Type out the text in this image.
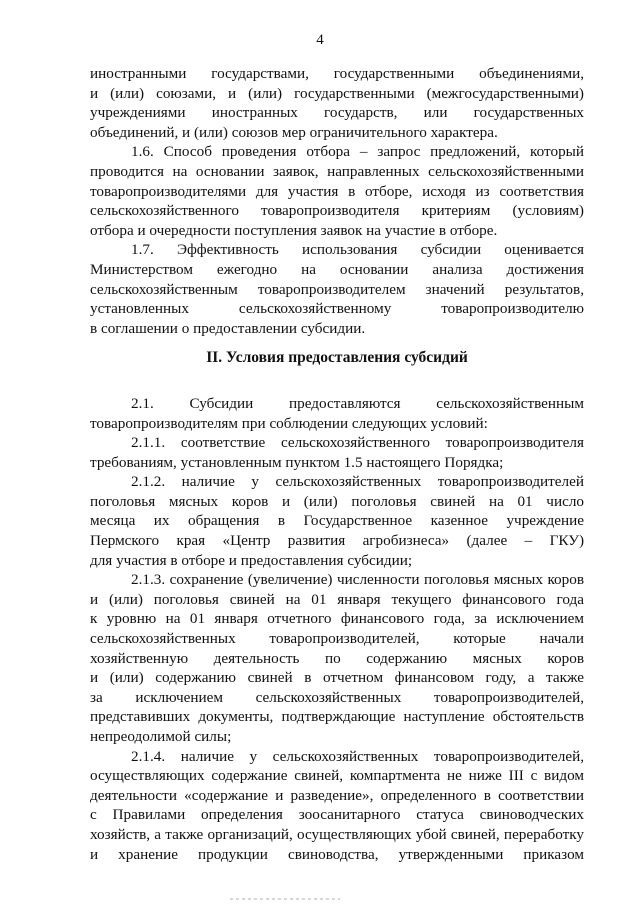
4
иностранными государствами, государственными объединениями,
и (или) союзами, и (или) государственными (межгосударственными)
учреждениями иностранных государств, или государственных
объединений, и (или) союзов мер ограничительного характера.
1.6. Способ проведения отбора – запрос предложений, который
проводится на основании заявок, направленных сельскохозяйственными
товаропроизводителями для участия в отборе, исходя из соответствия
сельскохозяйственного товаропроизводителя критериям (условиям)
отбора и очередности поступления заявок на участие в отборе.
1.7. Эффективность использования субсидии оценивается
Министерством ежегодно на основании анализа достижения
сельскохозяйственным товаропроизводителем значений результатов,
установленных сельскохозяйственному товаропроизводителю
в соглашении о предоставлении субсидии.
II. Условия предоставления субсидий
2.1. Субсидии предоставляются сельскохозяйственным
товаропроизводителям при соблюдении следующих условий:
2.1.1. соответствие сельскохозяйственного товаропроизводителя
требованиям, установленным пунктом 1.5 настоящего Порядка;
2.1.2. наличие у сельскохозяйственных товаропроизводителей
поголовья мясных коров и (или) поголовья свиней на 01 число
месяца их обращения в Государственное казенное учреждение
Пермского края «Центр развития агробизнеса» (далее – ГКУ)
для участия в отборе и предоставления субсидии;
2.1.3. сохранение (увеличение) численности поголовья мясных коров
и (или) поголовья свиней на 01 января текущего финансового года
к уровню на 01 января отчетного финансового года, за исключением
сельскохозяйственных товаропроизводителей, которые начали
хозяйственную деятельность по содержанию мясных коров
и (или) содержанию свиней в отчетном финансовом году, а также
за исключением сельскохозяйственных товаропроизводителей,
представивших документы, подтверждающие наступление обстоятельств
непреодолимой силы;
2.1.4. наличие у сельскохозяйственных товаропроизводителей,
осуществляющих содержание свиней, компартмента не ниже III с видом
деятельности «содержание и разведение», определенного в соответствии
с Правилами определения зоосанитарного статуса свиноводческих
хозяйств, а также организаций, осуществляющих убой свиней, переработку
и хранение продукции свиноводства, утвержденными приказом
